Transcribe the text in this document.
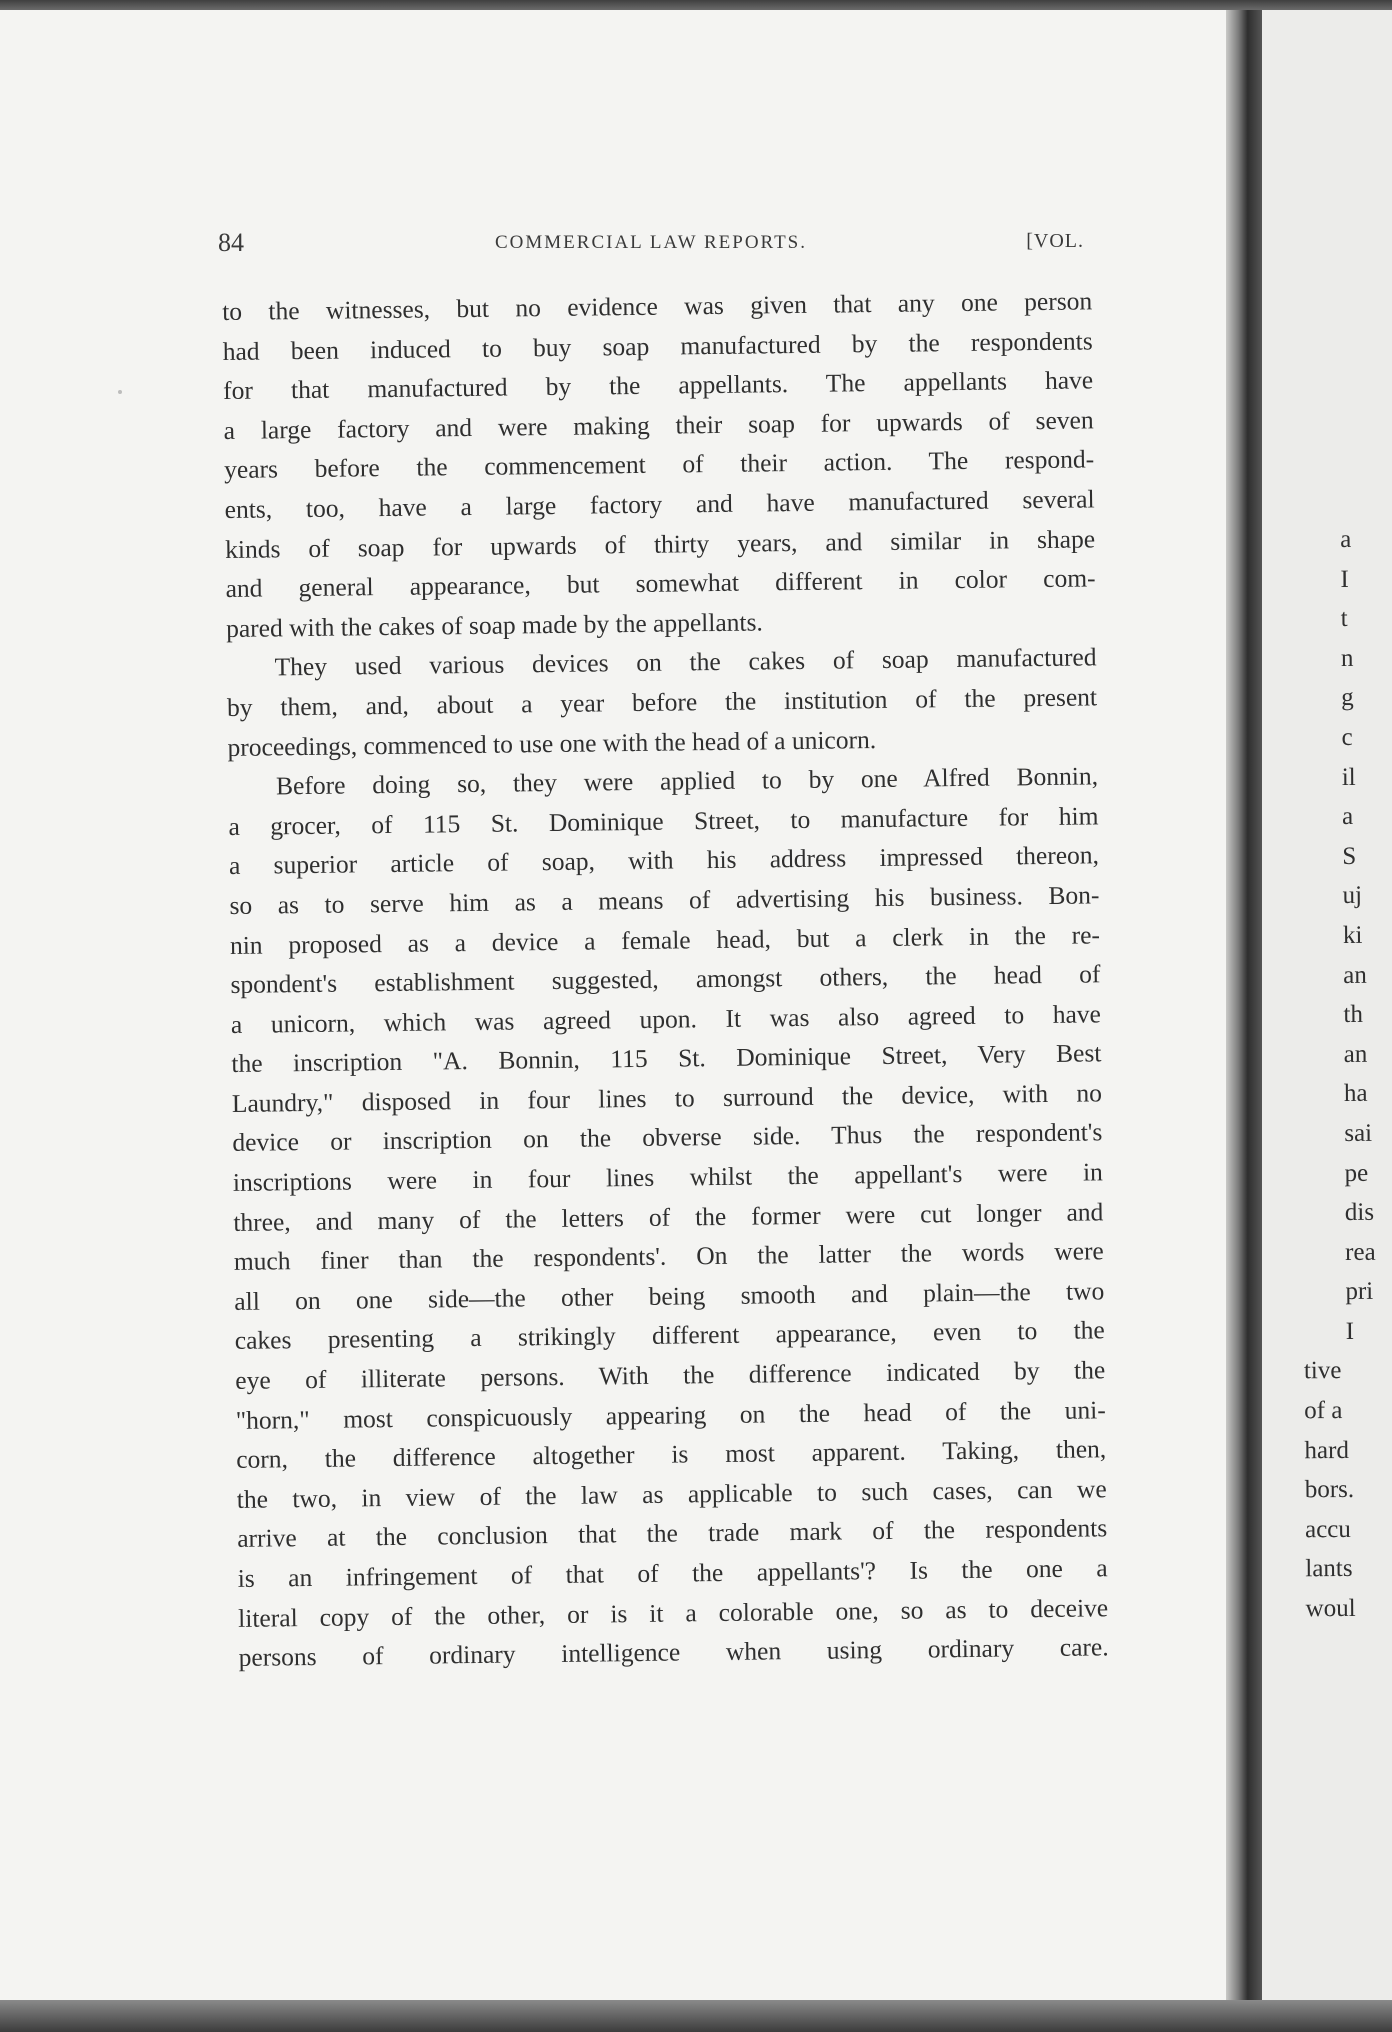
84	COMMERCIAL LAW REPORTS.	[VOL.
to the witnesses, but no evidence was given that any one person
had been induced to buy soap manufactured by the respondents
for that manufactured by the appellants. The appellants have
a large factory and were making their soap for upwards of seven
years before the commencement of their action. The respond-
ents, too, have a large factory and have manufactured several
kinds of soap for upwards of thirty years, and similar in shape
and general appearance, but somewhat different in color com-
pared with the cakes of soap made by the appellants.
They used various devices on the cakes of soap manufactured
by them, and, about a year before the institution of the present
proceedings, commenced to use one with the head of a unicorn.
Before doing so, they were applied to by one Alfred Bonnin,
a grocer, of 115 St. Dominique Street, to manufacture for him
a superior article of soap, with his address impressed thereon,
so as to serve him as a means of advertising his business. Bon-
nin proposed as a device a female head, but a clerk in the re-
spondent's establishment suggested, amongst others, the head of
a unicorn, which was agreed upon. It was also agreed to have
the inscription "A. Bonnin, 115 St. Dominique Street, Very Best
Laundry," disposed in four lines to surround the device, with no
device or inscription on the obverse side. Thus the respondent's
inscriptions were in four lines whilst the appellant's were in
three, and many of the letters of the former were cut longer and
much finer than the respondents'. On the latter the words were
all on one side—the other being smooth and plain—the two
cakes presenting a strikingly different appearance, even to the
eye of illiterate persons. With the difference indicated by the
"horn," most conspicuously appearing on the head of the uni-
corn, the difference altogether is most apparent. Taking, then,
the two, in view of the law as applicable to such cases, can we
arrive at the conclusion that the trade mark of the respondents
is an infringement of that of the appellants'? Is the one a
literal copy of the other, or is it a colorable one, so as to deceive
persons of ordinary intelligence when using ordinary care.
a
I
t
n
g
c
il
a
S
uj
ki
an
th
an
ha
sai
pe
dis
rea
pri
I
tive
of a
hard
bors.
accu
lants
woul
